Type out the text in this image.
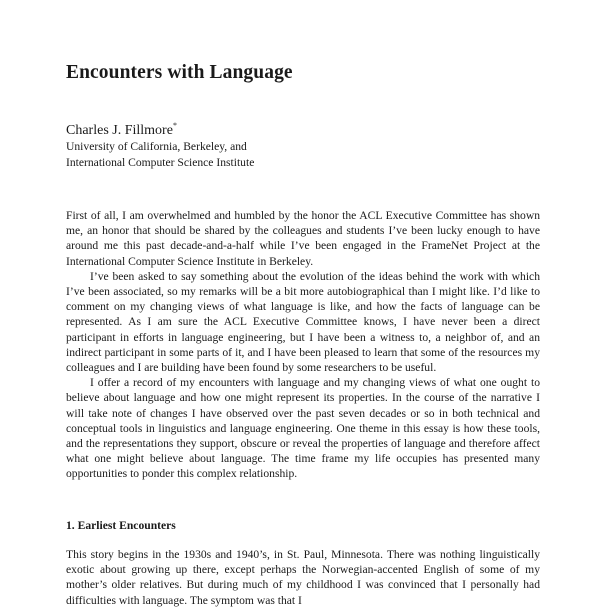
Encounters with Language
Charles J. Fillmore*
University of California, Berkeley, and
International Computer Science Institute

First of all, I am overwhelmed and humbled by the honor the ACL Executive Committee has shown me, an honor that should be shared by the colleagues and students I’ve been lucky enough to have around me this past decade-and-a-half while I’ve been engaged in the FrameNet Project at the International Computer Science Institute in Berkeley.

I’ve been asked to say something about the evolution of the ideas behind the work with which I’ve been associated, so my remarks will be a bit more autobiographical than I might like. I’d like to comment on my changing views of what language is like, and how the facts of language can be represented. As I am sure the ACL Executive Committee knows, I have never been a direct participant in efforts in language engineering, but I have been a witness to, a neighbor of, and an indirect participant in some parts of it, and I have been pleased to learn that some of the resources my colleagues and I are building have been found by some researchers to be useful.

I offer a record of my encounters with language and my changing views of what one ought to believe about language and how one might represent its properties. In the course of the narrative I will take note of changes I have observed over the past seven decades or so in both technical and conceptual tools in linguistics and language engineering. One theme in this essay is how these tools, and the representations they support, obscure or reveal the properties of language and therefore affect what one might believe about language. The time frame my life occupies has presented many opportunities to ponder this complex relationship.

1. Earliest Encounters
This story begins in the 1930s and 1940’s, in St. Paul, Minnesota. There was nothing linguistically exotic about growing up there, except perhaps the Norwegian-accented English of some of my mother’s older relatives. But during much of my childhood I was convinced that I personally had difficulties with language. The symptom was that I
